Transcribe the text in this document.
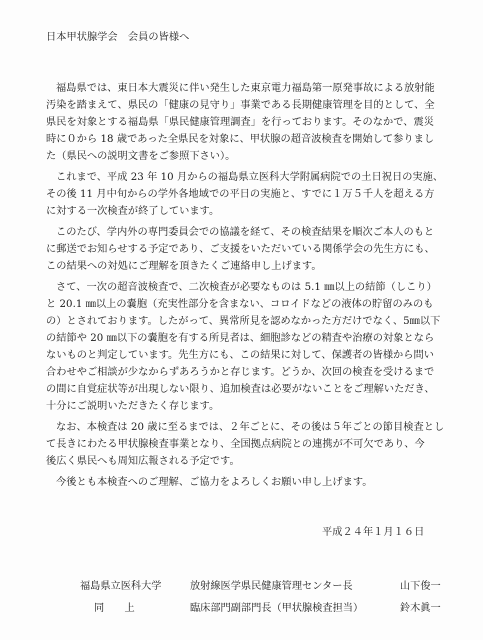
日本甲状腺学会　会員の皆様へ

福島県では、東日本大震災に伴い発生した東京電力福島第一原発事故による放射能

汚染を踏まえて、県民の「健康の見守り」事業である長期健康管理を目的として、全

県民を対象とする福島県「県民健康管理調査」を行っております。そのなかで、震災

時に０から 18 歳であった全県民を対象に、甲状腺の超音波検査を開始して参りまし

た（県民への説明文書をご参照下さい）。

これまで、平成 23 年 10 月からの福島県立医科大学附属病院での土日祝日の実施、

その後 11 月中旬からの学外各地域での平日の実施と、すでに１万５千人を超える方

に対する一次検査が終了しています。

このたび、学内外の専門委員会での協議を経て、その検査結果を順次ご本人のもと

に郵送でお知らせする予定であり、ご支援をいただいている関係学会の先生方にも、

この結果への対処にご理解を頂きたくご連絡申し上げます。

さて、一次の超音波検査で、二次検査が必要なものは 5.1 ㎜以上の結節（しこり）

と 20.1 ㎜以上の嚢胞（充実性部分を含まない、コロイドなどの液体の貯留のみのも

の）とされております。したがって、異常所見を認めなかった方だけでなく、5㎜以下

の結節や 20 ㎜以下の嚢胞を有する所見者は、細胞診などの精査や治療の対象となら

ないものと判定しています。先生方にも、この結果に対して、保護者の皆様から問い

合わせやご相談が少なからずあろうかと存じます。どうか、次回の検査を受けるまで

の間に自覚症状等が出現しない限り、追加検査は必要がないことをご理解いただき、

十分にご説明いただきたく存じます。

なお、本検査は 20 歳に至るまでは、２年ごとに、その後は５年ごとの節目検査とし

て長きにわたる甲状腺検査事業となり、全国拠点病院との連携が不可欠であり、今

後広く県民へも周知広報される予定です。

今後とも本検査へのご理解、ご協力をよろしくお願い申し上げます。

平成２４年１月１６日

福島県立医科大学	放射線医学県民健康管理センター長	山下俊一

同　　上	臨床部門副部門長（甲状腺検査担当）	鈴木眞一
